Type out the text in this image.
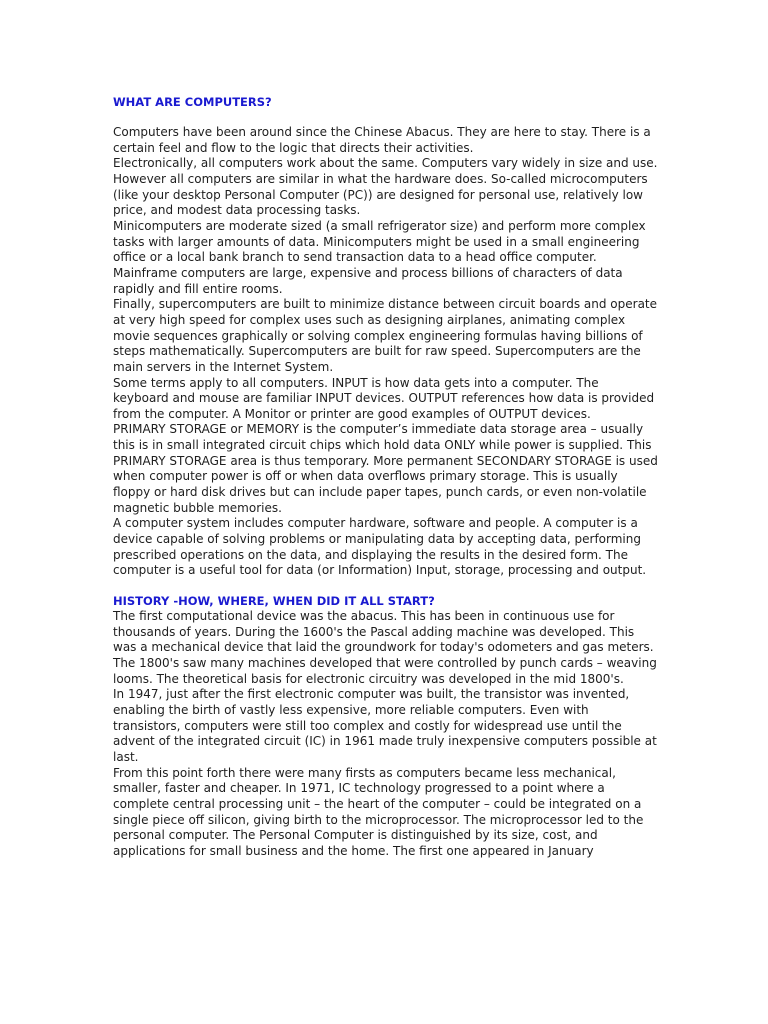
WHAT ARE COMPUTERS?

Computers have been around since the Chinese Abacus. They are here to stay. There is a certain feel and flow to the logic that directs their activities.

Electronically, all computers work about the same. Computers vary widely in size and use. However all computers are similar in what the hardware does. So-called microcomputers (like your desktop Personal Computer (PC)) are designed for personal use, relatively low price, and modest data processing tasks.

Minicomputers are moderate sized (a small refrigerator size) and perform more complex tasks with larger amounts of data. Minicomputers might be used in a small engineering office or a local bank branch to send transaction data to a head office computer.

Mainframe computers are large, expensive and process billions of characters of data rapidly and fill entire rooms.

Finally, supercomputers are built to minimize distance between circuit boards and operate at very high speed for complex uses such as designing airplanes, animating complex movie sequences graphically or solving complex engineering formulas having billions of steps mathematically. Supercomputers are built for raw speed. Supercomputers are the main servers in the Internet System.

Some terms apply to all computers. INPUT is how data gets into a computer. The keyboard and mouse are familiar INPUT devices. OUTPUT references how data is provided from the computer. A Monitor or printer are good examples of OUTPUT devices.

PRIMARY STORAGE or MEMORY is the computer’s immediate data storage area – usually this is in small integrated circuit chips which hold data ONLY while power is supplied. This PRIMARY STORAGE area is thus temporary. More permanent SECONDARY STORAGE is used when computer power is off or when data overflows primary storage. This is usually floppy or hard disk drives but can include paper tapes, punch cards, or even non-volatile magnetic bubble memories.

A computer system includes computer hardware, software and people. A computer is a device capable of solving problems or manipulating data by accepting data, performing prescribed operations on the data, and displaying the results in the desired form. The computer is a useful tool for data (or Information) Input, storage, processing and output.

HISTORY -HOW, WHERE, WHEN DID IT ALL START?

The first computational device was the abacus. This has been in continuous use for thousands of years. During the 1600's the Pascal adding machine was developed. This was a mechanical device that laid the groundwork for today's odometers and gas meters. The 1800's saw many machines developed that were controlled by punch cards – weaving looms. The theoretical basis for electronic circuitry was developed in the mid 1800's.

In 1947, just after the first electronic computer was built, the transistor was invented, enabling the birth of vastly less expensive, more reliable computers. Even with transistors, computers were still too complex and costly for widespread use until the advent of the integrated circuit (IC) in 1961 made truly inexpensive computers possible at last.

From this point forth there were many firsts as computers became less mechanical, smaller, faster and cheaper. In 1971, IC technology progressed to a point where a complete central processing unit – the heart of the computer – could be integrated on a single piece off silicon, giving birth to the microprocessor. The microprocessor led to the personal computer. The Personal Computer is distinguished by its size, cost, and applications for small business and the home. The first one appeared in January
